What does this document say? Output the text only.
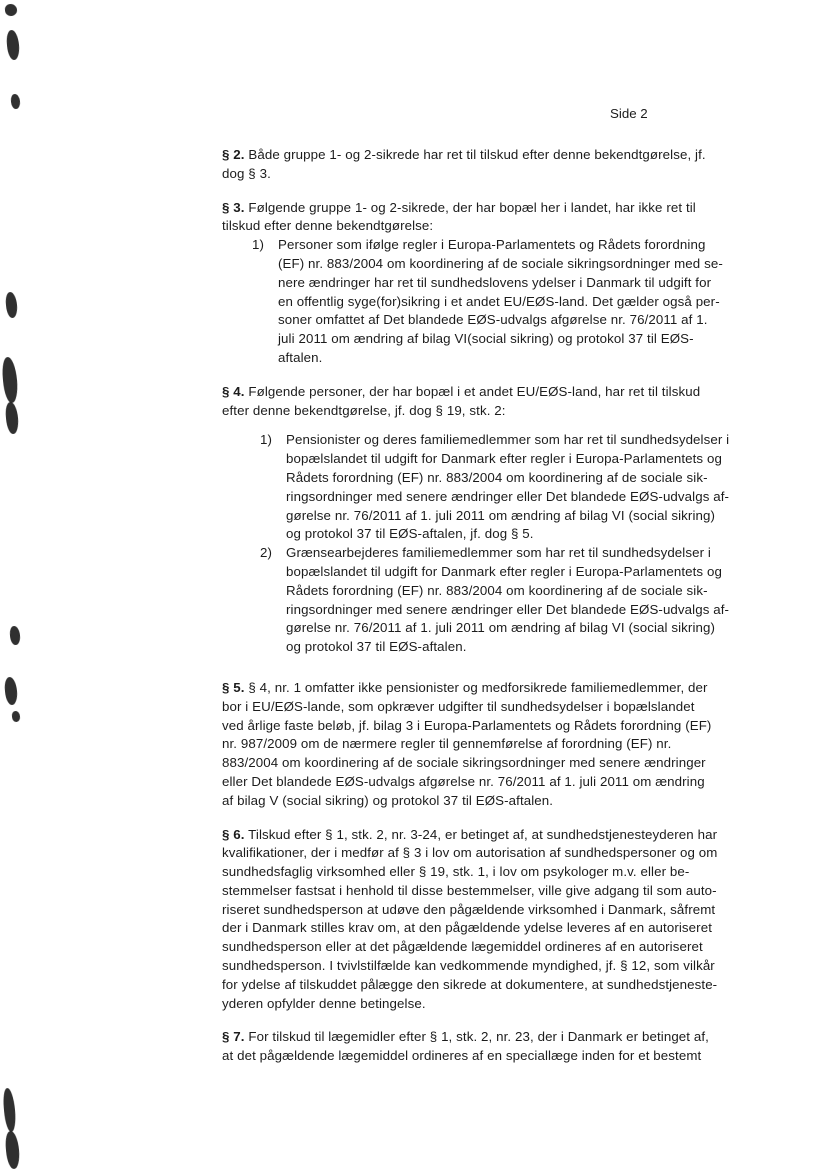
Side 2
§ 2. Både gruppe 1- og 2-sikrede har ret til tilskud efter denne bekendtgørelse, jf.
dog § 3.
§ 3. Følgende gruppe 1- og 2-sikrede, der har bopæl her i landet, har ikke ret til
tilskud efter denne bekendtgørelse:
1)	Personer som ifølge regler i Europa-Parlamentets og Rådets forordning
(EF) nr. 883/2004 om koordinering af de sociale sikringsordninger med se-
nere ændringer har ret til sundhedslovens ydelser i Danmark til udgift for
en offentlig syge(for)sikring i et andet EU/EØS-land. Det gælder også per-
soner omfattet af Det blandede EØS-udvalgs afgørelse nr. 76/2011 af 1.
juli 2011 om ændring af bilag VI(social sikring) og protokol 37 til EØS-
aftalen.
§ 4. Følgende personer, der har bopæl i et andet EU/EØS-land, har ret til tilskud
efter denne bekendtgørelse, jf. dog § 19, stk. 2:
1)	Pensionister og deres familiemedlemmer som har ret til sundhedsydelser i
bopælslandet til udgift for Danmark efter regler i Europa-Parlamentets og
Rådets forordning (EF) nr. 883/2004 om koordinering af de sociale sik-
ringsordninger med senere ændringer eller Det blandede EØS-udvalgs af-
gørelse nr. 76/2011 af 1. juli 2011 om ændring af bilag VI (social sikring)
og protokol 37 til EØS-aftalen, jf. dog § 5.
2)	Grænsearbejderes familiemedlemmer som har ret til sundhedsydelser i
bopælslandet til udgift for Danmark efter regler i Europa-Parlamentets og
Rådets forordning (EF) nr. 883/2004 om koordinering af de sociale sik-
ringsordninger med senere ændringer eller Det blandede EØS-udvalgs af-
gørelse nr. 76/2011 af 1. juli 2011 om ændring af bilag VI (social sikring)
og protokol 37 til EØS-aftalen.
§ 5. § 4, nr. 1 omfatter ikke pensionister og medforsikrede familiemedlemmer, der
bor i EU/EØS-lande, som opkræver udgifter til sundhedsydelser i bopælslandet
ved årlige faste beløb, jf. bilag 3 i Europa-Parlamentets og Rådets forordning (EF)
nr. 987/2009 om de nærmere regler til gennemførelse af forordning (EF) nr.
883/2004 om koordinering af de sociale sikringsordninger med senere ændringer
eller Det blandede EØS-udvalgs afgørelse nr. 76/2011 af 1. juli 2011 om ændring
af bilag V (social sikring) og protokol 37 til EØS-aftalen.
§ 6. Tilskud efter § 1, stk. 2, nr. 3-24, er betinget af, at sundhedstjenesteyderen har
kvalifikationer, der i medfør af § 3 i lov om autorisation af sundhedspersoner og om
sundhedsfaglig virksomhed eller § 19, stk. 1, i lov om psykologer m.v. eller be-
stemmelser fastsat i henhold til disse bestemmelser, ville give adgang til som auto-
riseret sundhedsperson at udøve den pågældende virksomhed i Danmark, såfremt
der i Danmark stilles krav om, at den pågældende ydelse leveres af en autoriseret
sundhedsperson eller at det pågældende lægemiddel ordineres af en autoriseret
sundhedsperson. I tvivlstilfælde kan vedkommende myndighed, jf. § 12, som vilkår
for ydelse af tilskuddet pålægge den sikrede at dokumentere, at sundhedstjeneste-
yderen opfylder denne betingelse.
§ 7. For tilskud til lægemidler efter § 1, stk. 2, nr. 23, der i Danmark er betinget af,
at det pågældende lægemiddel ordineres af en speciallæge inden for et bestemt
